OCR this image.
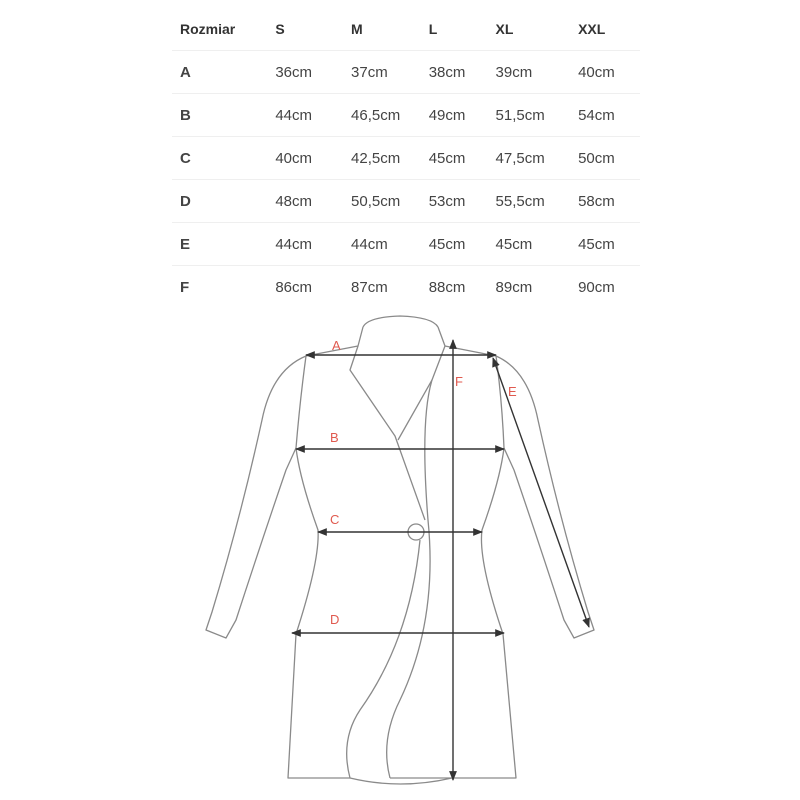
Rozmiar	S	M	L	XL	XXL
A	36cm	37cm	38cm	39cm	40cm
B	44cm	46,5cm	49cm	51,5cm	54cm
C	40cm	42,5cm	45cm	47,5cm	50cm
D	48cm	50,5cm	53cm	55,5cm	58cm
E	44cm	44cm	45cm	45cm	45cm
F	86cm	87cm	88cm	89cm	90cm
A
B
C
D
E
F
